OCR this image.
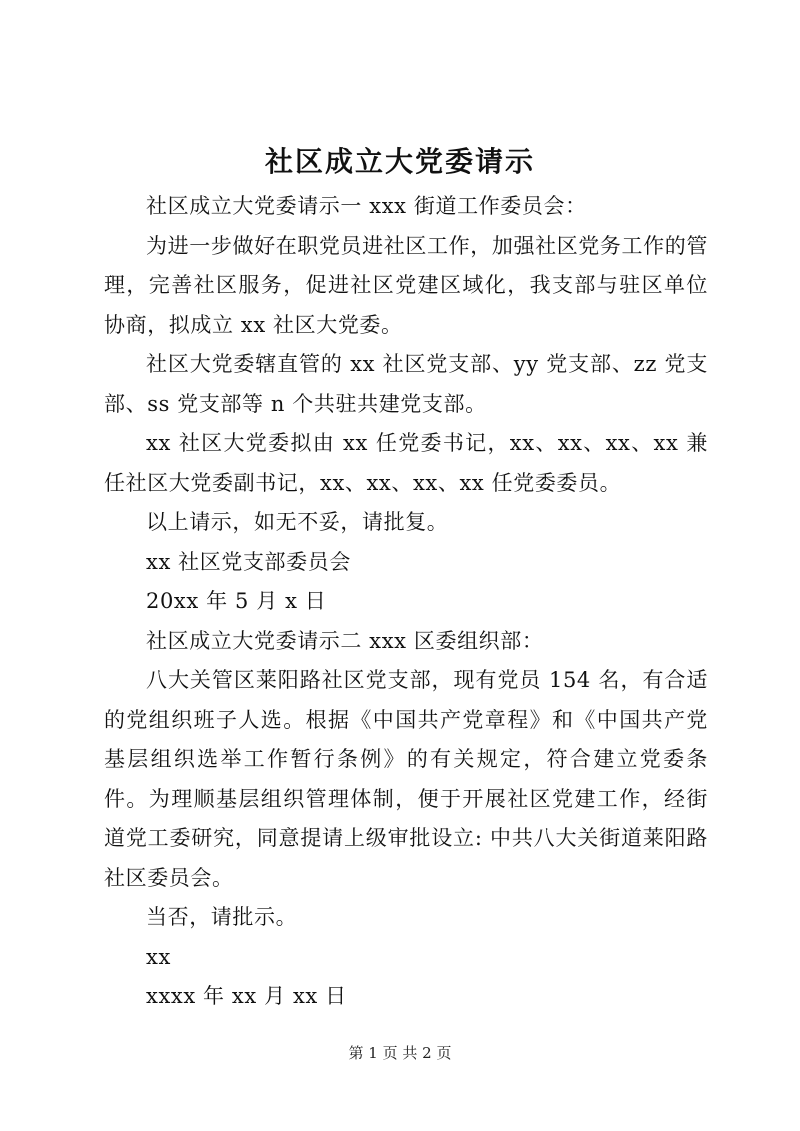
社区成立大党委请示

社区成立大党委请示一 xxx 街道工作委员会：

为进一步做好在职党员进社区工作，加强社区党务工作的管理，完善社区服务，促进社区党建区域化，我支部与驻区单位协商，拟成立 xx 社区大党委。

社区大党委辖直管的 xx 社区党支部、yy 党支部、zz 党支部、ss 党支部等 n 个共驻共建党支部。

xx 社区大党委拟由 xx 任党委书记，xx、xx、xx、xx 兼任社区大党委副书记，xx、xx、xx、xx 任党委委员。

以上请示，如无不妥，请批复。

xx 社区党支部委员会

20xx 年 5 月 x 日

社区成立大党委请示二 xxx 区委组织部：

八大关管区莱阳路社区党支部，现有党员 154 名，有合适的党组织班子人选。根据《中国共产党章程》和《中国共产党基层组织选举工作暂行条例》的有关规定，符合建立党委条件。为理顺基层组织管理体制，便于开展社区党建工作，经街道党工委研究，同意提请上级审批设立: 中共八大关街道莱阳路社区委员会。

当否，请批示。

xx

xxxx 年 xx 月 xx 日

第 1 页 共 2 页
